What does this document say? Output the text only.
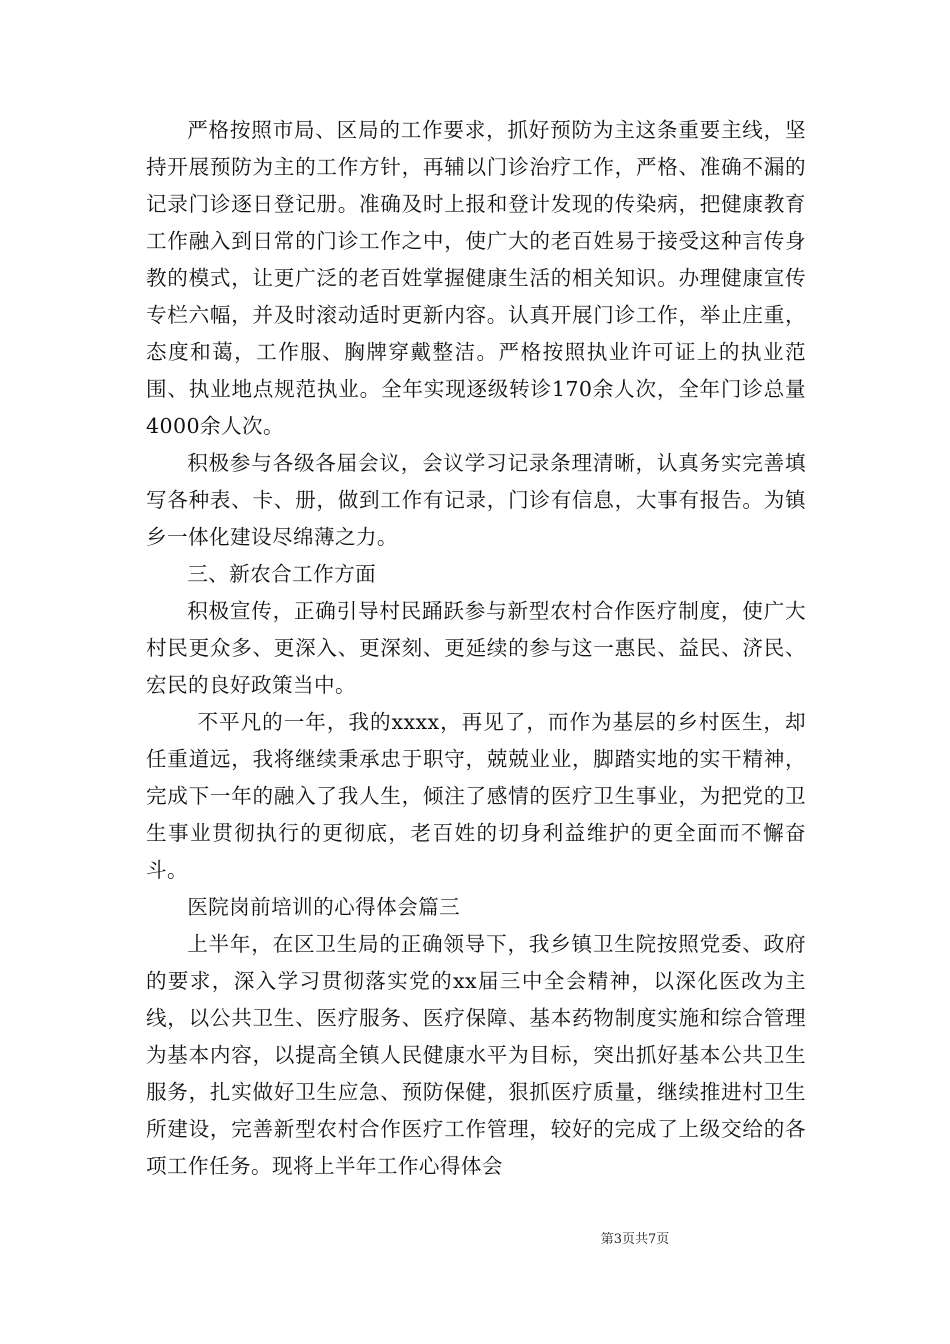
严格按照市局、区局的工作要求，抓好预防为主这条重要主线，坚持开展预防为主的工作方针，再辅以门诊治疗工作，严格、准确不漏的记录门诊逐日登记册。准确及时上报和登计发现的传染病，把健康教育工作融入到日常的门诊工作之中，使广大的老百姓易于接受这种言传身教的模式，让更广泛的老百姓掌握健康生活的相关知识。办理健康宣传专栏六幅，并及时滚动适时更新内容。认真开展门诊工作，举止庄重，态度和蔼，工作服、胸牌穿戴整洁。严格按照执业许可证上的执业范围、执业地点规范执业。全年实现逐级转诊170余人次，全年门诊总量4000余人次。

积极参与各级各届会议，会议学习记录条理清晰，认真务实完善填写各种表、卡、册，做到工作有记录，门诊有信息，大事有报告。为镇乡一体化建设尽绵薄之力。

三、新农合工作方面

积极宣传，正确引导村民踊跃参与新型农村合作医疗制度，使广大村民更众多、更深入、更深刻、更延续的参与这一惠民、益民、济民、宏民的良好政策当中。

不平凡的一年，我的xxxx，再见了，而作为基层的乡村医生，却任重道远，我将继续秉承忠于职守，兢兢业业，脚踏实地的实干精神，完成下一年的融入了我人生，倾注了感情的医疗卫生事业，为把党的卫生事业贯彻执行的更彻底，老百姓的切身利益维护的更全面而不懈奋斗。

医院岗前培训的心得体会篇三

上半年，在区卫生局的正确领导下，我乡镇卫生院按照党委、政府的要求，深入学习贯彻落实党的xx届三中全会精神，以深化医改为主线，以公共卫生、医疗服务、医疗保障、基本药物制度实施和综合管理为基本内容，以提高全镇人民健康水平为目标，突出抓好基本公共卫生服务，扎实做好卫生应急、预防保健，狠抓医疗质量，继续推进村卫生所建设，完善新型农村合作医疗工作管理，较好的完成了上级交给的各项工作任务。现将上半年工作心得体会

第3页共7页
